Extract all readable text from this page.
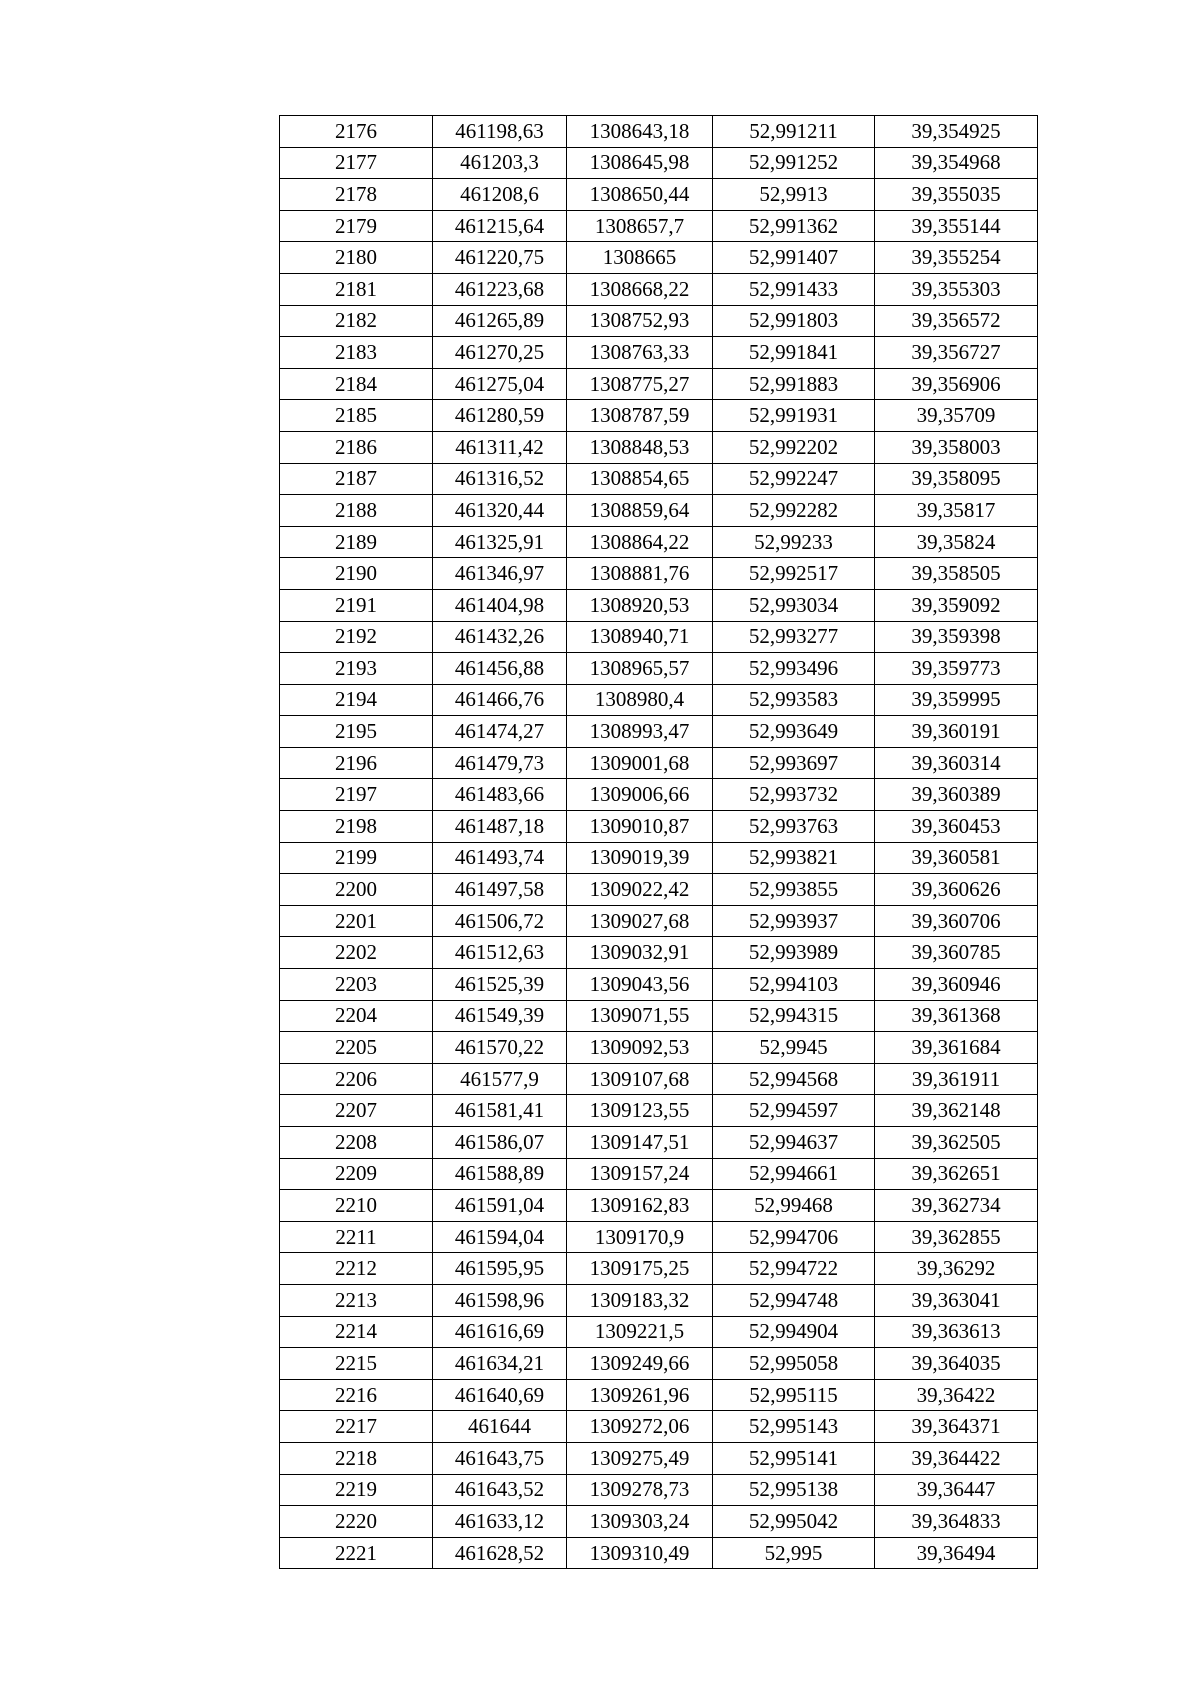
2176	461198,63	1308643,18	52,991211	39,354925
2177	461203,3	1308645,98	52,991252	39,354968
2178	461208,6	1308650,44	52,9913	39,355035
2179	461215,64	1308657,7	52,991362	39,355144
2180	461220,75	1308665	52,991407	39,355254
2181	461223,68	1308668,22	52,991433	39,355303
2182	461265,89	1308752,93	52,991803	39,356572
2183	461270,25	1308763,33	52,991841	39,356727
2184	461275,04	1308775,27	52,991883	39,356906
2185	461280,59	1308787,59	52,991931	39,35709
2186	461311,42	1308848,53	52,992202	39,358003
2187	461316,52	1308854,65	52,992247	39,358095
2188	461320,44	1308859,64	52,992282	39,35817
2189	461325,91	1308864,22	52,99233	39,35824
2190	461346,97	1308881,76	52,992517	39,358505
2191	461404,98	1308920,53	52,993034	39,359092
2192	461432,26	1308940,71	52,993277	39,359398
2193	461456,88	1308965,57	52,993496	39,359773
2194	461466,76	1308980,4	52,993583	39,359995
2195	461474,27	1308993,47	52,993649	39,360191
2196	461479,73	1309001,68	52,993697	39,360314
2197	461483,66	1309006,66	52,993732	39,360389
2198	461487,18	1309010,87	52,993763	39,360453
2199	461493,74	1309019,39	52,993821	39,360581
2200	461497,58	1309022,42	52,993855	39,360626
2201	461506,72	1309027,68	52,993937	39,360706
2202	461512,63	1309032,91	52,993989	39,360785
2203	461525,39	1309043,56	52,994103	39,360946
2204	461549,39	1309071,55	52,994315	39,361368
2205	461570,22	1309092,53	52,9945	39,361684
2206	461577,9	1309107,68	52,994568	39,361911
2207	461581,41	1309123,55	52,994597	39,362148
2208	461586,07	1309147,51	52,994637	39,362505
2209	461588,89	1309157,24	52,994661	39,362651
2210	461591,04	1309162,83	52,99468	39,362734
2211	461594,04	1309170,9	52,994706	39,362855
2212	461595,95	1309175,25	52,994722	39,36292
2213	461598,96	1309183,32	52,994748	39,363041
2214	461616,69	1309221,5	52,994904	39,363613
2215	461634,21	1309249,66	52,995058	39,364035
2216	461640,69	1309261,96	52,995115	39,36422
2217	461644	1309272,06	52,995143	39,364371
2218	461643,75	1309275,49	52,995141	39,364422
2219	461643,52	1309278,73	52,995138	39,36447
2220	461633,12	1309303,24	52,995042	39,364833
2221	461628,52	1309310,49	52,995	39,36494
